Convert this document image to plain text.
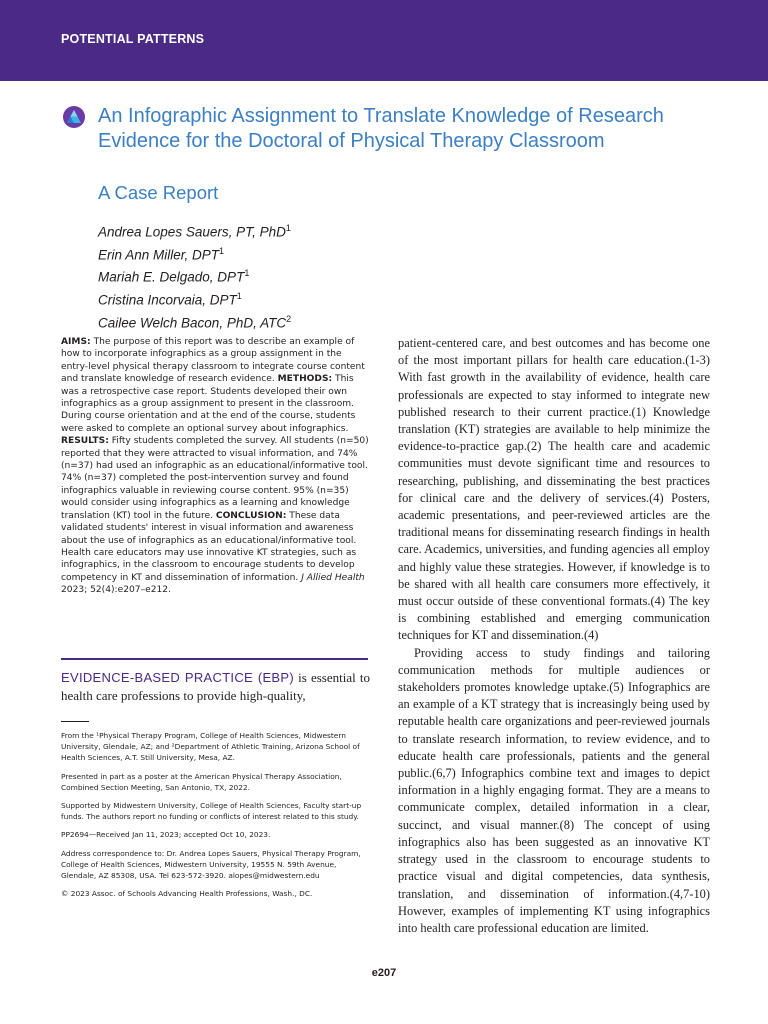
POTENTIAL PATTERNS
An Infographic Assignment to Translate Knowledge of Research Evidence for the Doctoral of Physical Therapy Classroom
A Case Report
Andrea Lopes Sauers, PT, PhD$^1$
Erin Ann Miller, DPT$^1$
Mariah E. Delgado, DPT$^1$
Cristina Incorvaia, DPT$^1$
Cailee Welch Bacon, PhD, ATC$^2$
AIMS: The purpose of this report was to describe an example of how to incorporate infographics as a group assignment in the entry-level physical therapy classroom to integrate course content and translate knowledge of research evidence. METHODS: This was a retrospective case report. Students developed their own infographics as a group assignment to present in the classroom. During course orientation and at the end of the course, students were asked to complete an optional survey about infographics. RESULTS: Fifty students completed the survey. All students (n=50) reported that they were attracted to visual information, and 74% (n=37) had used an infographic as an educational/informative tool. 74% (n=37) completed the post-intervention survey and found infographics valuable in reviewing course content. 95% (n=35) would consider using infographics as a learning and knowledge translation (KT) tool in the future. CONCLUSION: These data validated students' interest in visual information and awareness about the use of infographics as an educational/informative tool. Health care educators may use innovative KT strategies, such as infographics, in the classroom to encourage students to develop competency in KT and dissemination of information. J Allied Health 2023; 52(4):e207–e212.
EVIDENCE-BASED PRACTICE (EBP) is essential to health care professions to provide high-quality,

From the ¹Physical Therapy Program, College of Health Sciences, Midwestern University, Glendale, AZ; and ²Department of Athletic Training, Arizona School of Health Sciences, A.T. Still University, Mesa, AZ.

Presented in part as a poster at the American Physical Therapy Association, Combined Section Meeting, San Antonio, TX, 2022.

Supported by Midwestern University, College of Health Sciences, Faculty start-up funds. The authors report no funding or conflicts of interest related to this study.

PP2694—Received Jan 11, 2023; accepted Oct 10, 2023.

Address correspondence to: Dr. Andrea Lopes Sauers, Physical Therapy Program, College of Health Sciences, Midwestern University, 19555 N. 59th Avenue, Glendale, AZ 85308, USA. Tel 623-572-3920. alopes@midwestern.edu

© 2023 Assoc. of Schools Advancing Health Professions, Wash., DC.

patient-centered care, and best outcomes and has become one of the most important pillars for health care education.(1-3) With fast growth in the availability of evidence, health care professionals are expected to stay informed to integrate new published research to their current practice.(1) Knowledge translation (KT) strategies are available to help minimize the evidence-to-practice gap.(2) The health care and academic communities must devote significant time and resources to researching, publishing, and disseminating the best practices for clinical care and the delivery of services.(4) Posters, academic presentations, and peer-reviewed articles are the traditional means for disseminating research findings in health care. Academics, universities, and funding agencies all employ and highly value these strategies. However, if knowledge is to be shared with all health care consumers more effectively, it must occur outside of these conventional formats.(4) The key is combining established and emerging communication techniques for KT and dissemination.(4)

Providing access to study findings and tailoring communication methods for multiple audiences or stakeholders promotes knowledge uptake.(5) Infographics are an example of a KT strategy that is increasingly being used by reputable health care organizations and peer-reviewed journals to translate research information, to review evidence, and to educate health care professionals, patients and the general public.(6,7) Infographics combine text and images to depict information in a highly engaging format. They are a means to communicate complex, detailed information in a clear, succinct, and visual manner.(8) The concept of using infographics also has been suggested as an innovative KT strategy used in the classroom to encourage students to practice visual and digital competencies, data synthesis, translation, and dissemination of information.(4,7-10) However, examples of implementing KT using infographics into health care professional education are limited.

e207
